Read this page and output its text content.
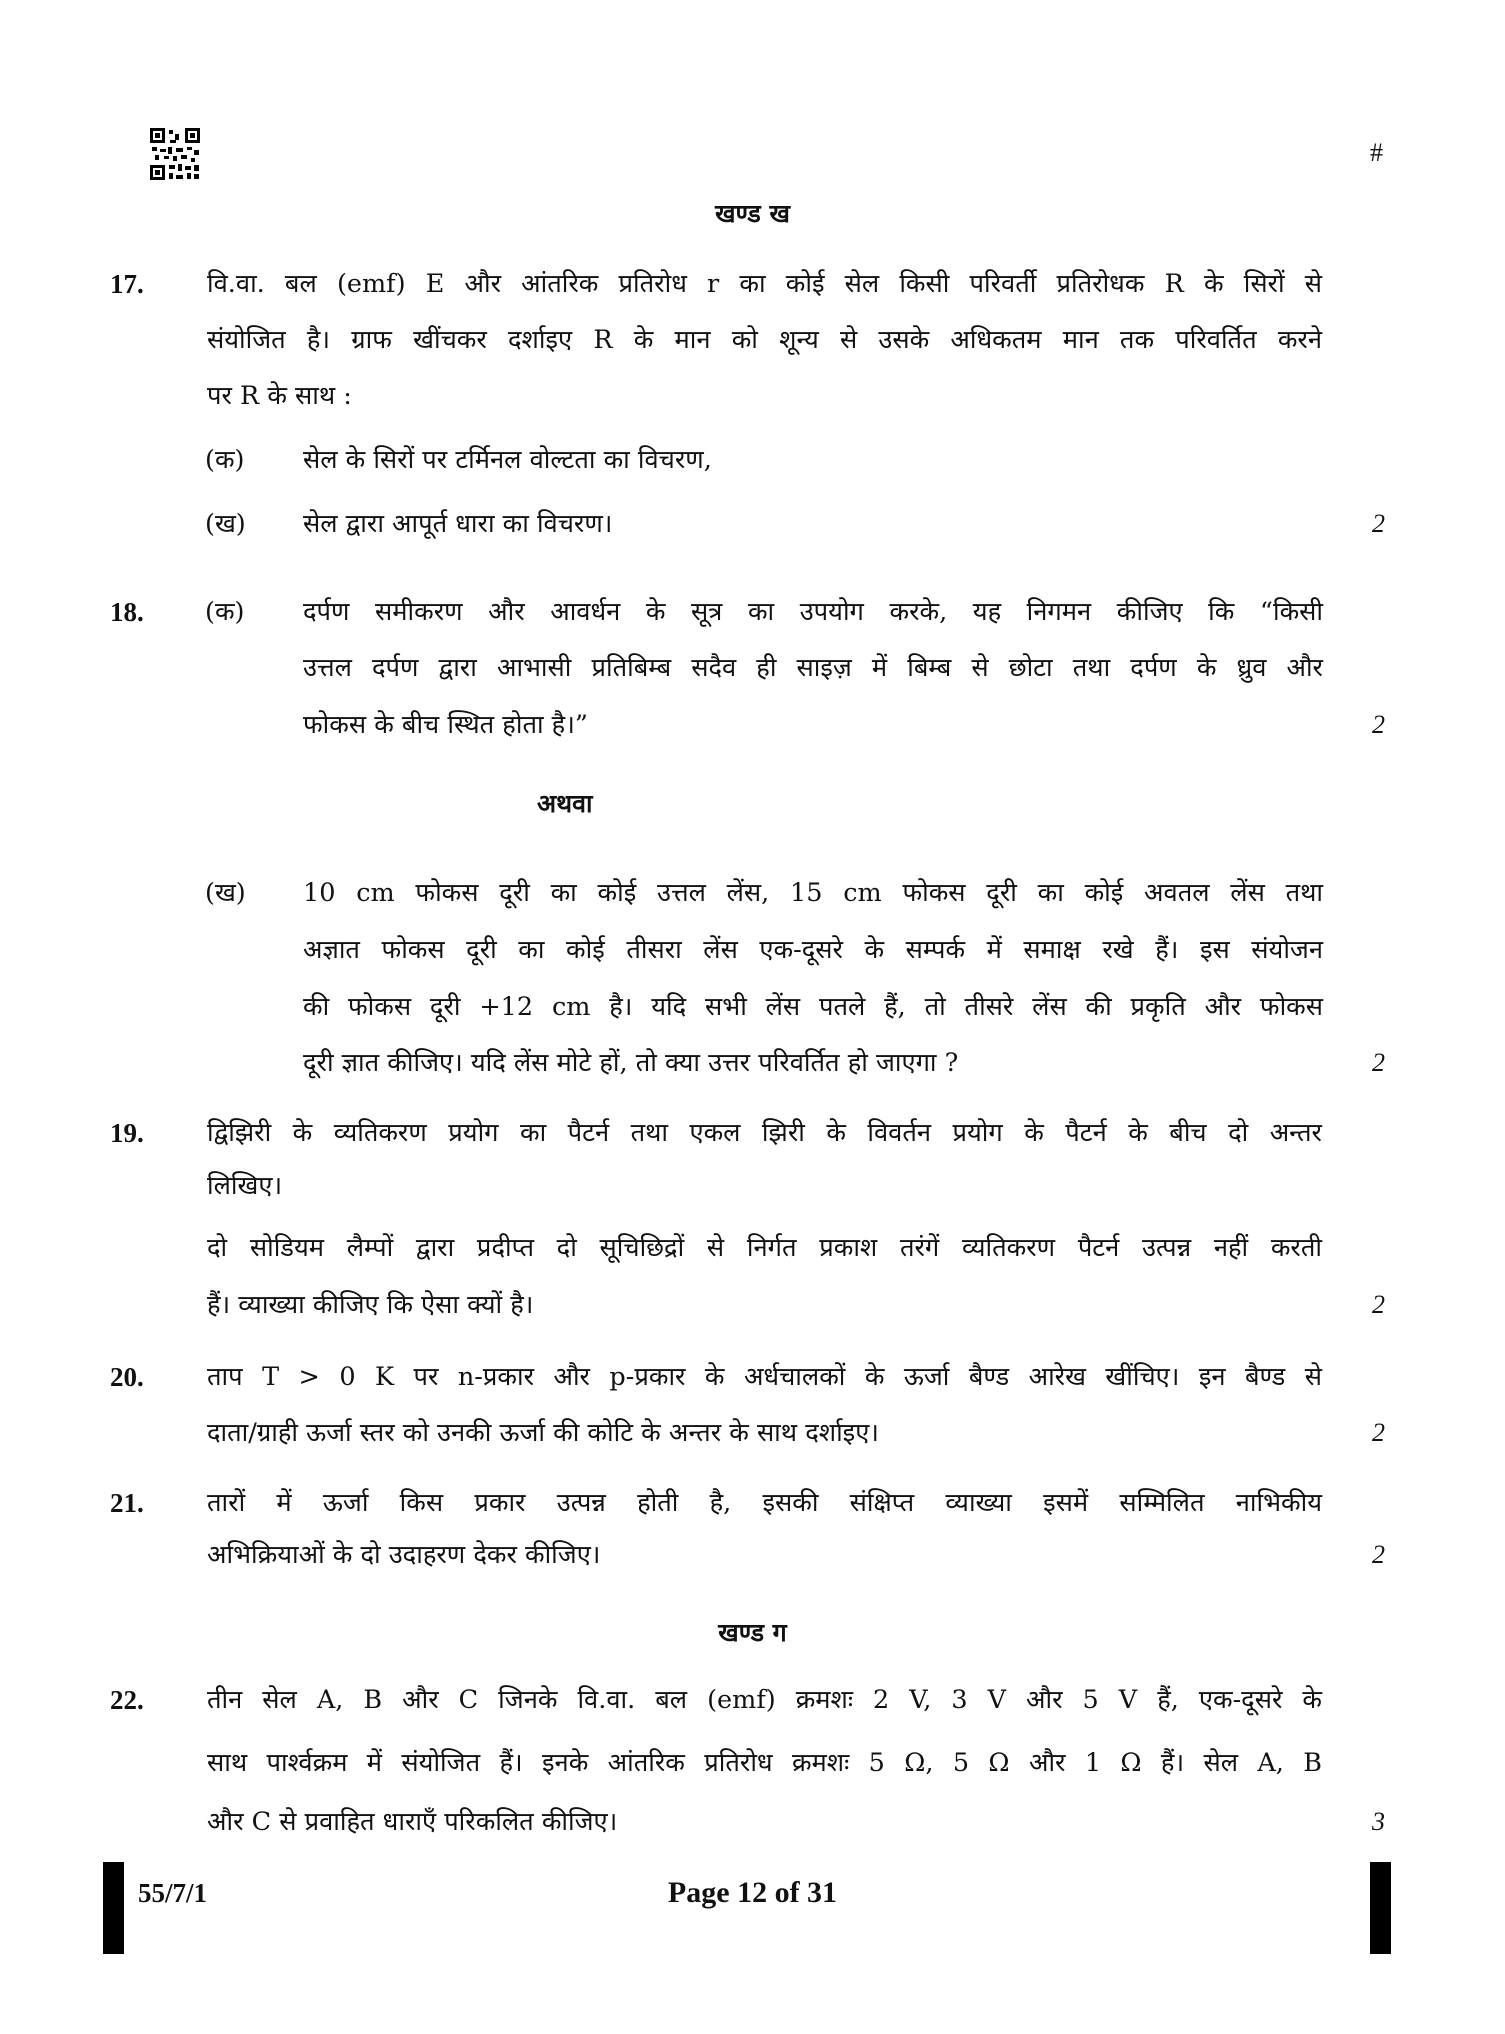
#
खण्ड ख
17. वि.वा. बल (emf) E और आंतरिक प्रतिरोध r का कोई सेल किसी परिवर्ती प्रतिरोधक R के सिरों से
संयोजित है। ग्राफ खींचकर दर्शाइए R के मान को शून्य से उसके अधिकतम मान तक परिवर्तित करने
पर R के साथ :
(क) सेल के सिरों पर टर्मिनल वोल्टता का विचरण,
(ख) सेल द्वारा आपूर्त धारा का विचरण।	2
18. (क) दर्पण समीकरण और आवर्धन के सूत्र का उपयोग करके, यह निगमन कीजिए कि “किसी
उत्तल दर्पण द्वारा आभासी प्रतिबिम्ब सदैव ही साइज़ में बिम्ब से छोटा तथा दर्पण के ध्रुव और
फोकस के बीच स्थित होता है।”	2
अथवा
(ख) 10 cm फोकस दूरी का कोई उत्तल लेंस, 15 cm फोकस दूरी का कोई अवतल लेंस तथा
अज्ञात फोकस दूरी का कोई तीसरा लेंस एक-दूसरे के सम्पर्क में समाक्ष रखे हैं। इस संयोजन
की फोकस दूरी +12 cm है। यदि सभी लेंस पतले हैं, तो तीसरे लेंस की प्रकृति और फोकस
दूरी ज्ञात कीजिए। यदि लेंस मोटे हों, तो क्या उत्तर परिवर्तित हो जाएगा ?	2
19. द्विझिरी के व्यतिकरण प्रयोग का पैटर्न तथा एकल झिरी के विवर्तन प्रयोग के पैटर्न के बीच दो अन्तर
लिखिए।
दो सोडियम लैम्पों द्वारा प्रदीप्त दो सूचिछिद्रों से निर्गत प्रकाश तरंगें व्यतिकरण पैटर्न उत्पन्न नहीं करती
हैं। व्याख्या कीजिए कि ऐसा क्यों है।	2
20. ताप T > 0 K पर n-प्रकार और p-प्रकार के अर्धचालकों के ऊर्जा बैण्ड आरेख खींचिए। इन बैण्ड से
दाता/ग्राही ऊर्जा स्तर को उनकी ऊर्जा की कोटि के अन्तर के साथ दर्शाइए।	2
21. तारों में ऊर्जा किस प्रकार उत्पन्न होती है, इसकी संक्षिप्त व्याख्या इसमें सम्मिलित नाभिकीय
अभिक्रियाओं के दो उदाहरण देकर कीजिए।	2
खण्ड ग
22. तीन सेल A, B और C जिनके वि.वा. बल (emf) क्रमशः 2 V, 3 V और 5 V हैं, एक-दूसरे के
साथ पार्श्वक्रम में संयोजित हैं। इनके आंतरिक प्रतिरोध क्रमशः 5 Ω, 5 Ω और 1 Ω हैं। सेल A, B
और C से प्रवाहित धाराएँ परिकलित कीजिए।	3
55/7/1	Page 12 of 31
